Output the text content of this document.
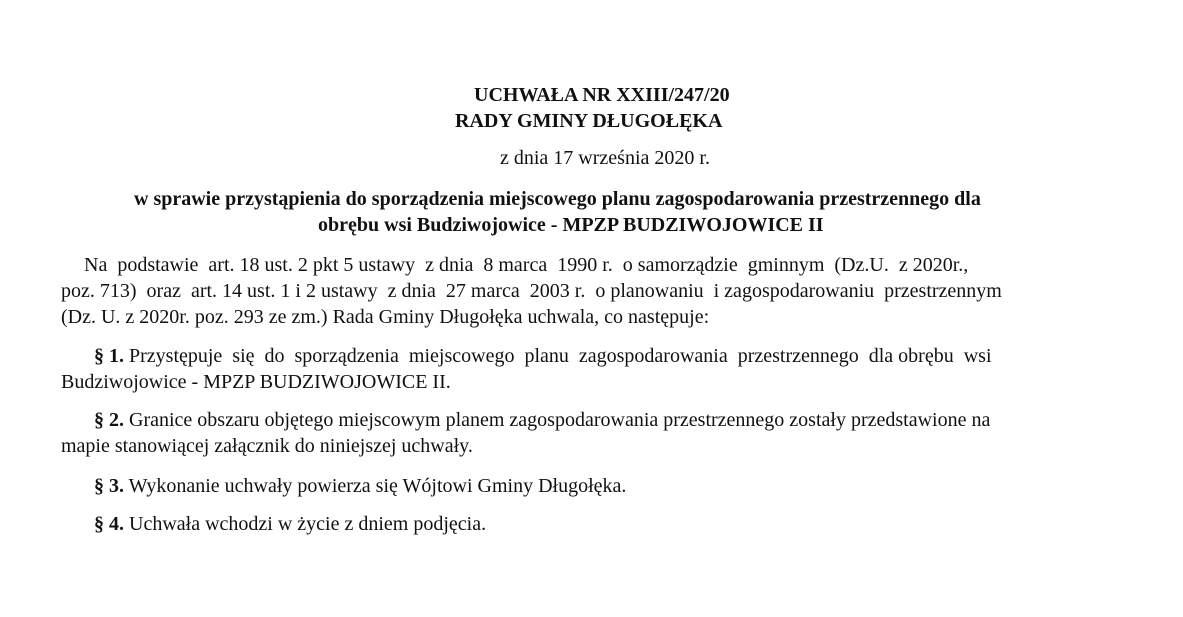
UCHWAŁA NR XXIII/247/20
RADY GMINY DŁUGOŁĘKA
z dnia 17 września 2020 r.
w sprawie przystąpienia do sporządzenia miejscowego planu zagospodarowania przestrzennego dla
obrębu wsi Budziwojowice - MPZP BUDZIWOJOWICE II
Na  podstawie  art. 18 ust. 2 pkt 5 ustawy  z dnia  8 marca  1990 r.  o samorządzie  gminnym  (Dz.U.  z 2020r.,
poz. 713)  oraz  art. 14 ust. 1 i 2 ustawy  z dnia  27 marca  2003 r.  o planowaniu  i zagospodarowaniu  przestrzennym
(Dz. U. z 2020r. poz. 293 ze zm.) Rada Gminy Długołęka uchwala, co następuje:
§ 1. Przystępuje  się  do  sporządzenia  miejscowego  planu  zagospodarowania  przestrzennego  dla obrębu  wsi
Budziwojowice - MPZP BUDZIWOJOWICE II.
§ 2. Granice obszaru objętego miejscowym planem zagospodarowania przestrzennego zostały przedstawione na
mapie stanowiącej załącznik do niniejszej uchwały.
§ 3. Wykonanie uchwały powierza się Wójtowi Gminy Długołęka.
§ 4. Uchwała wchodzi w życie z dniem podjęcia.
